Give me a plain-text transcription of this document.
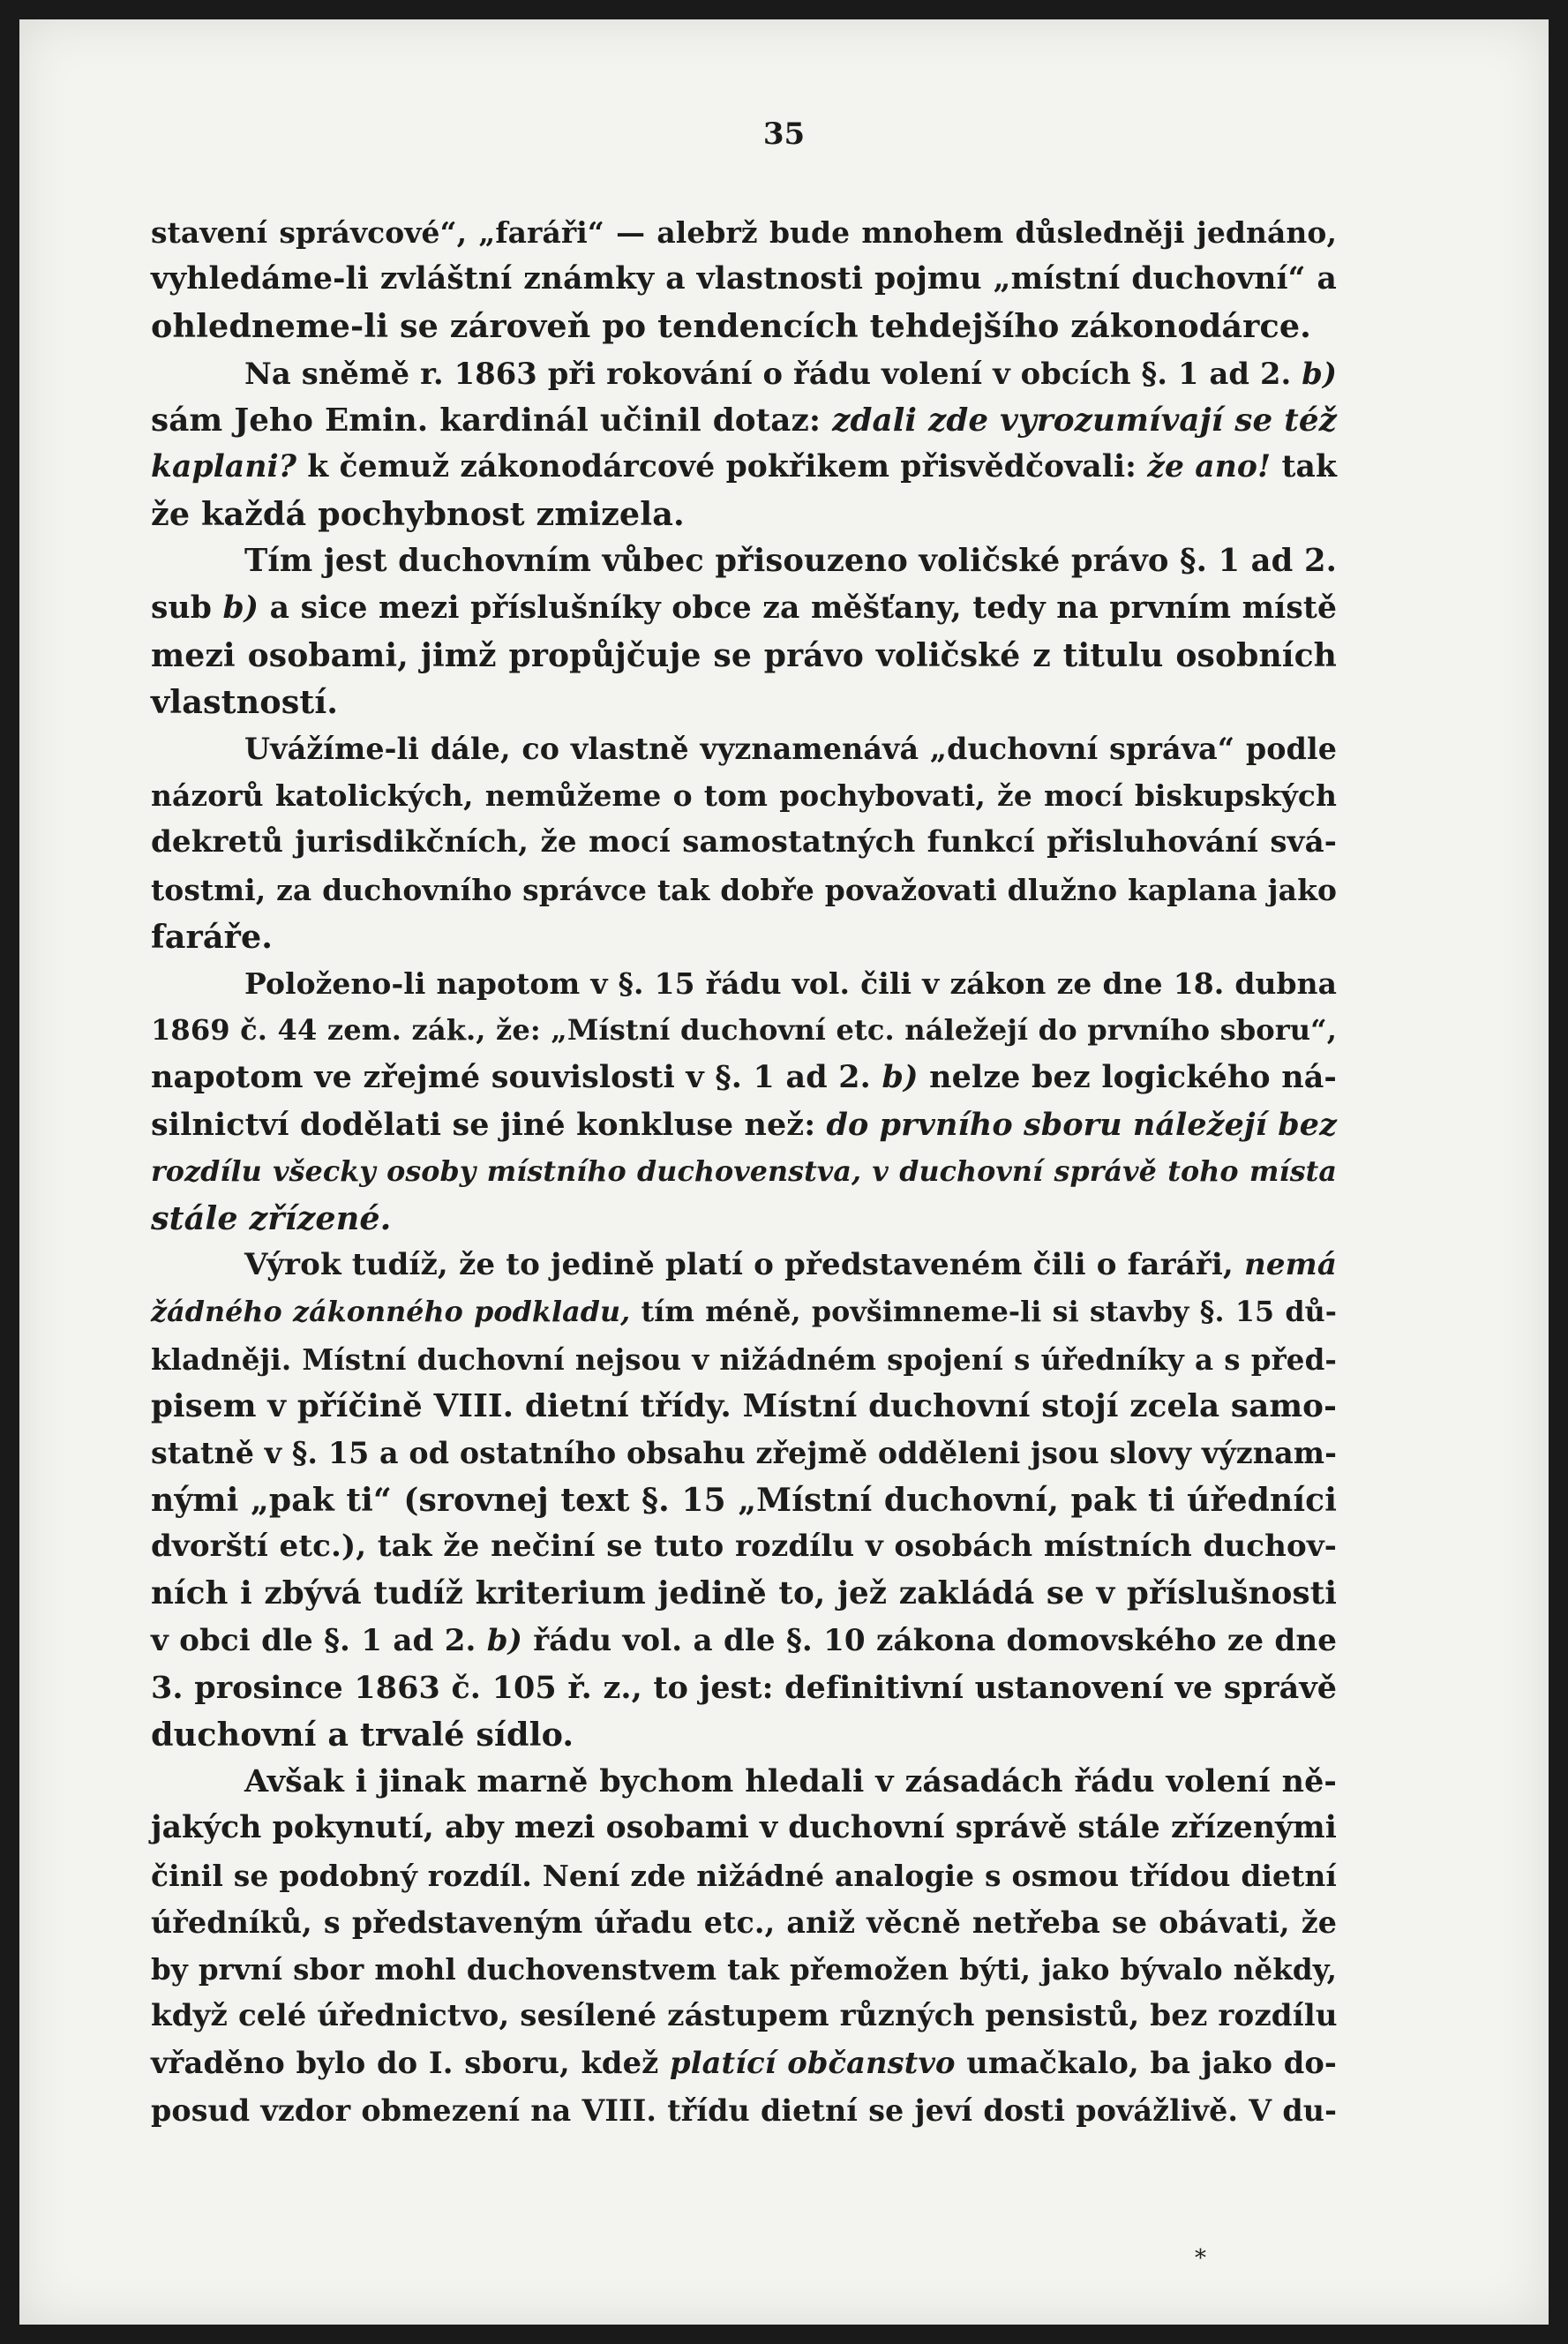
35
stavení správcové“, „faráři“ — alebrž bude mnohem důsledněji jednáno,
vyhledáme-li zvláštní známky a vlastnosti pojmu „místní duchovní“ a
ohledneme-li se zároveň po tendencích tehdejšího zákonodárce.
Na sněmě r. 1863 při rokování o řádu volení v obcích §. 1 ad 2. b)
sám Jeho Emin. kardinál učinil dotaz: zdali zde vyrozumívají se též
kaplani? k čemuž zákonodárcové pokřikem přisvědčovali: že ano! tak
že každá pochybnost zmizela.
Tím jest duchovním vůbec přisouzeno voličské právo §. 1 ad 2.
sub b) a sice mezi příslušníky obce za měšťany, tedy na prvním místě
mezi osobami, jimž propůjčuje se právo voličské z titulu osobních
vlastností.
Uvážíme-li dále, co vlastně vyznamenává „duchovní správa“ podle
názorů katolických, nemůžeme o tom pochybovati, že mocí biskupských
dekretů jurisdikčních, že mocí samostatných funkcí přisluhování svá-
tostmi, za duchovního správce tak dobře považovati dlužno kaplana jako
faráře.
Položeno-li napotom v §. 15 řádu vol. čili v zákon ze dne 18. dubna
1869 č. 44 zem. zák., že: „Místní duchovní etc. náležejí do prvního sboru“,
napotom ve zřejmé souvislosti v §. 1 ad 2. b) nelze bez logického ná-
silnictví dodělati se jiné konkluse než: do prvního sboru náležejí bez
rozdílu všecky osoby místního duchovenstva, v duchovní správě toho místa
stále zřízené.
Výrok tudíž, že to jedině platí o představeném čili o faráři, nemá
žádného zákonného podkladu, tím méně, povšimneme-li si stavby §. 15 dů-
kladněji. Místní duchovní nejsou v nižádném spojení s úředníky a s před-
pisem v příčině VIII. dietní třídy. Místní duchovní stojí zcela samo-
statně v §. 15 a od ostatního obsahu zřejmě odděleni jsou slovy význam-
nými „pak ti“ (srovnej text §. 15 „Místní duchovní, pak ti úředníci
dvorští etc.), tak že nečiní se tuto rozdílu v osobách místních duchov-
ních i zbývá tudíž kriterium jedině to, jež zakládá se v příslušnosti
v obci dle §. 1 ad 2. b) řádu vol. a dle §. 10 zákona domovského ze dne
3. prosince 1863 č. 105 ř. z., to jest: definitivní ustanovení ve správě
duchovní a trvalé sídlo.
Avšak i jinak marně bychom hledali v zásadách řádu volení ně-
jakých pokynutí, aby mezi osobami v duchovní správě stále zřízenými
činil se podobný rozdíl. Není zde nižádné analogie s osmou třídou dietní
úředníků, s představeným úřadu etc., aniž věcně netřeba se obávati, že
by první sbor mohl duchovenstvem tak přemožen býti, jako bývalo někdy,
když celé úřednictvo, sesílené zástupem různých pensistů, bez rozdílu
vřaděno bylo do I. sboru, kdež platící občanstvo umačkalo, ba jako do-
posud vzdor obmezení na VIII. třídu dietní se jeví dosti povážlivě. V du-
*
